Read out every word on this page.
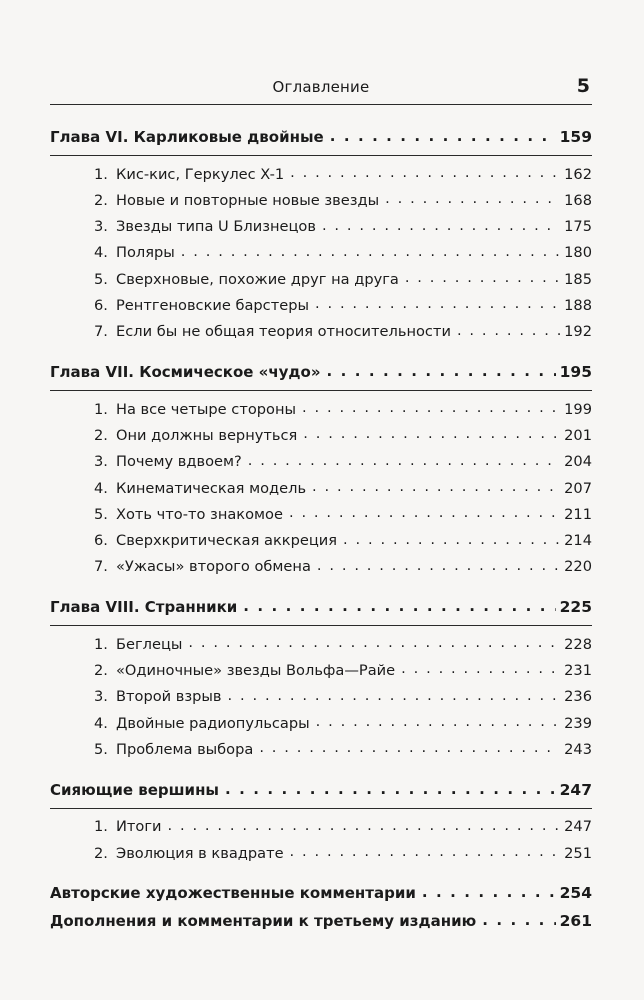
Оглавление	5
Глава VI. Карликовые двойные . . .	159
1. Кис-кис, Геркулес X-1 . . .	162
2. Новые и повторные новые звезды . . .	168
3. Звезды типа U Близнецов . . .	175
4. Поляры . . .	180
5. Сверхновые, похожие друг на друга . . .	185
6. Рентгеновские барстеры . . .	188
7. Если бы не общая теория относительности . . .	192
Глава VII. Космическое «чудо» . . .	195
1. На все четыре стороны . . .	199
2. Они должны вернуться . . .	201
3. Почему вдвоем? . . .	204
4. Кинематическая модель . . .	207
5. Хоть что-то знакомое . . .	211
6. Сверхкритическая аккреция . . .	214
7. «Ужасы» второго обмена . . .	220
Глава VIII. Странники . . .	225
1. Беглецы . . .	228
2. «Одиночные» звезды Вольфа—Райе . . .	231
3. Второй взрыв . . .	236
4. Двойные радиопульсары . . .	239
5. Проблема выбора . . .	243
Сияющие вершины . . .	247
1. Итоги . . .	247
2. Эволюция в квадрате . . .	251
Авторские художественные комментарии . . .	254
Дополнения и комментарии к третьему изданию . . .	261
